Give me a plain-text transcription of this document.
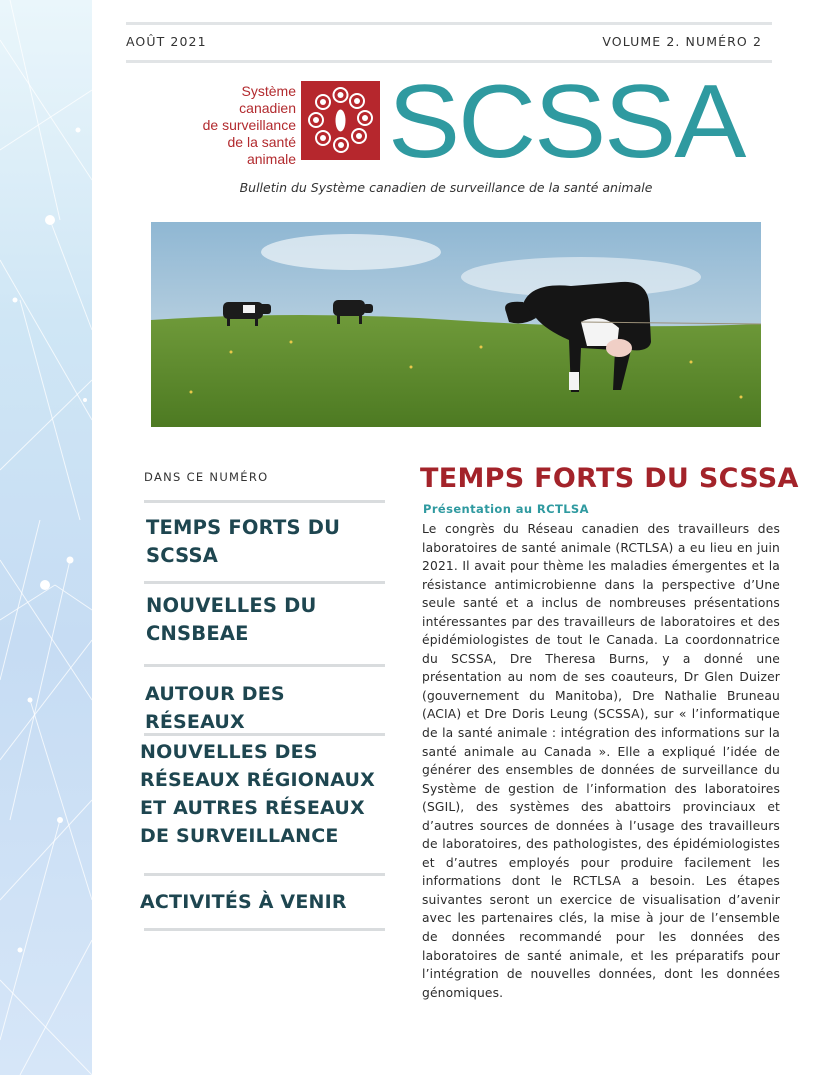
AOÛT 2021	VOLUME 2. NUMÉRO 2
Système
canadien
de surveillance
de la santé
animale SCSSA
Bulletin du Système canadien de surveillance de la santé animale
DANS CE NUMÉRO
TEMPS FORTS DU SCSSA
NOUVELLES DU CNSBEAE
AUTOUR DES RÉSEAUX
NOUVELLES DES RÉSEAUX RÉGIONAUX ET AUTRES RÉSEAUX DE SURVEILLANCE
ACTIVITÉS À VENIR
TEMPS FORTS DU SCSSA
Présentation au RCTLSA
Le congrès du Réseau canadien des travailleurs des laboratoires de santé animale (RCTLSA) a eu lieu en juin 2021. Il avait pour thème les maladies émergentes et la résistance antimicrobienne dans la perspective d’Une seule santé et a inclus de nombreuses présentations intéressantes par des travailleurs de laboratoires et des épidémiologistes de tout le Canada. La coordonnatrice du SCSSA, Dre Theresa Burns, y a donné une présentation au nom de ses coauteurs, Dr Glen Duizer (gouvernement du Manitoba), Dre Nathalie Bruneau (ACIA) et Dre Doris Leung (SCSSA), sur « l’informatique de la santé animale : intégration des informations sur la santé animale au Canada ». Elle a expliqué l’idée de générer des ensembles de données de surveillance du Système de gestion de l’information des laboratoires (SGIL), des systèmes des abattoirs provinciaux et d’autres sources de données à l’usage des travailleurs de laboratoires, des pathologistes, des épidémiologistes et d’autres employés pour produire facilement les informations dont le RCTLSA a besoin. Les étapes suivantes seront un exercice de visualisation d’avenir avec les partenaires clés, la mise à jour de l’ensemble de données recommandé pour les données des laboratoires de santé animale, et les préparatifs pour l’intégration de nouvelles données, dont les données génomiques.
